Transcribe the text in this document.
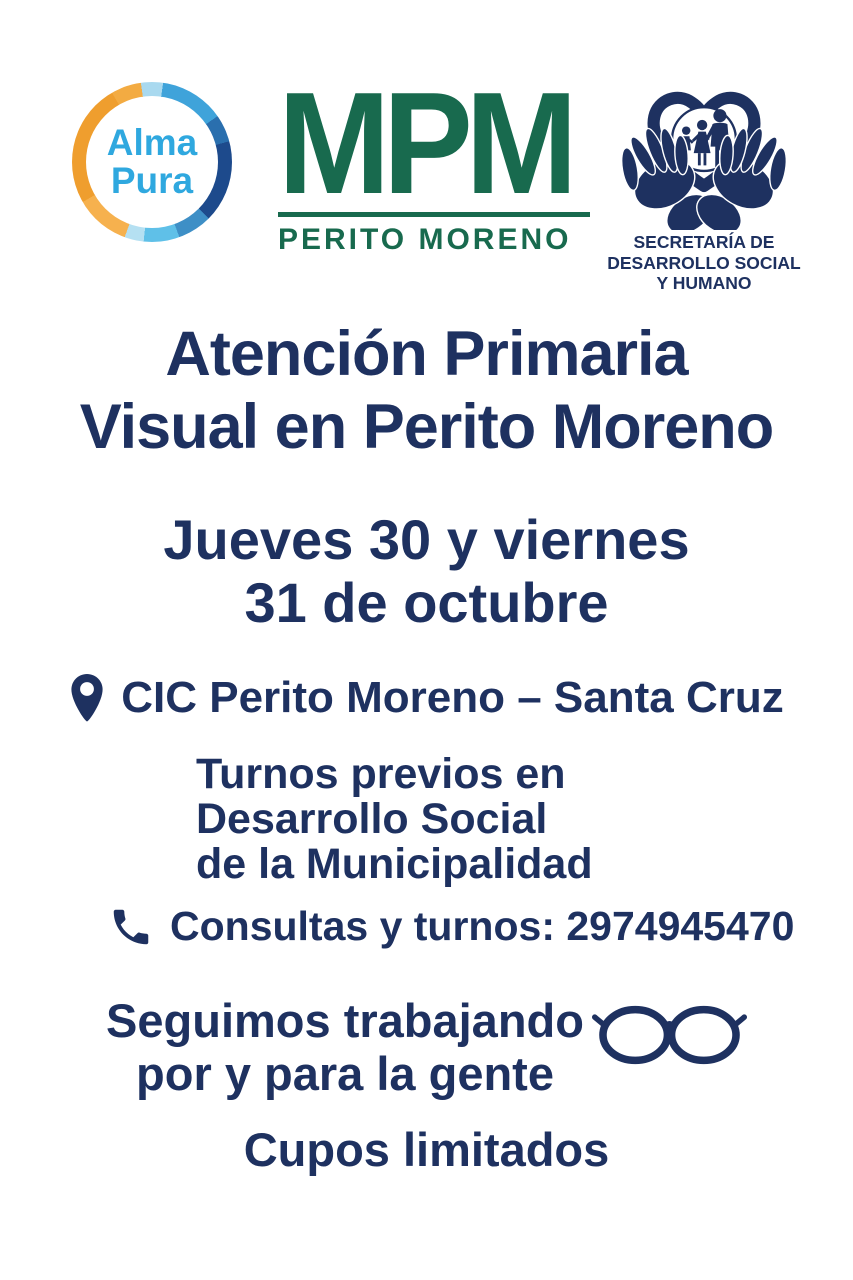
Alma
Pura MPM
PERITO MORENO	SECRETARÍA DE
DESARROLLO SOCIAL
Y HUMANO
Atención Primaria
Visual en Perito Moreno
Jueves 30 y viernes
31 de octubre
CIC Perito Moreno – Santa Cruz
Turnos previos en
Desarrollo Social
de la Municipalidad
Consultas y turnos: 2974945470
Seguimos trabajando
por y para la gente
Cupos limitados
